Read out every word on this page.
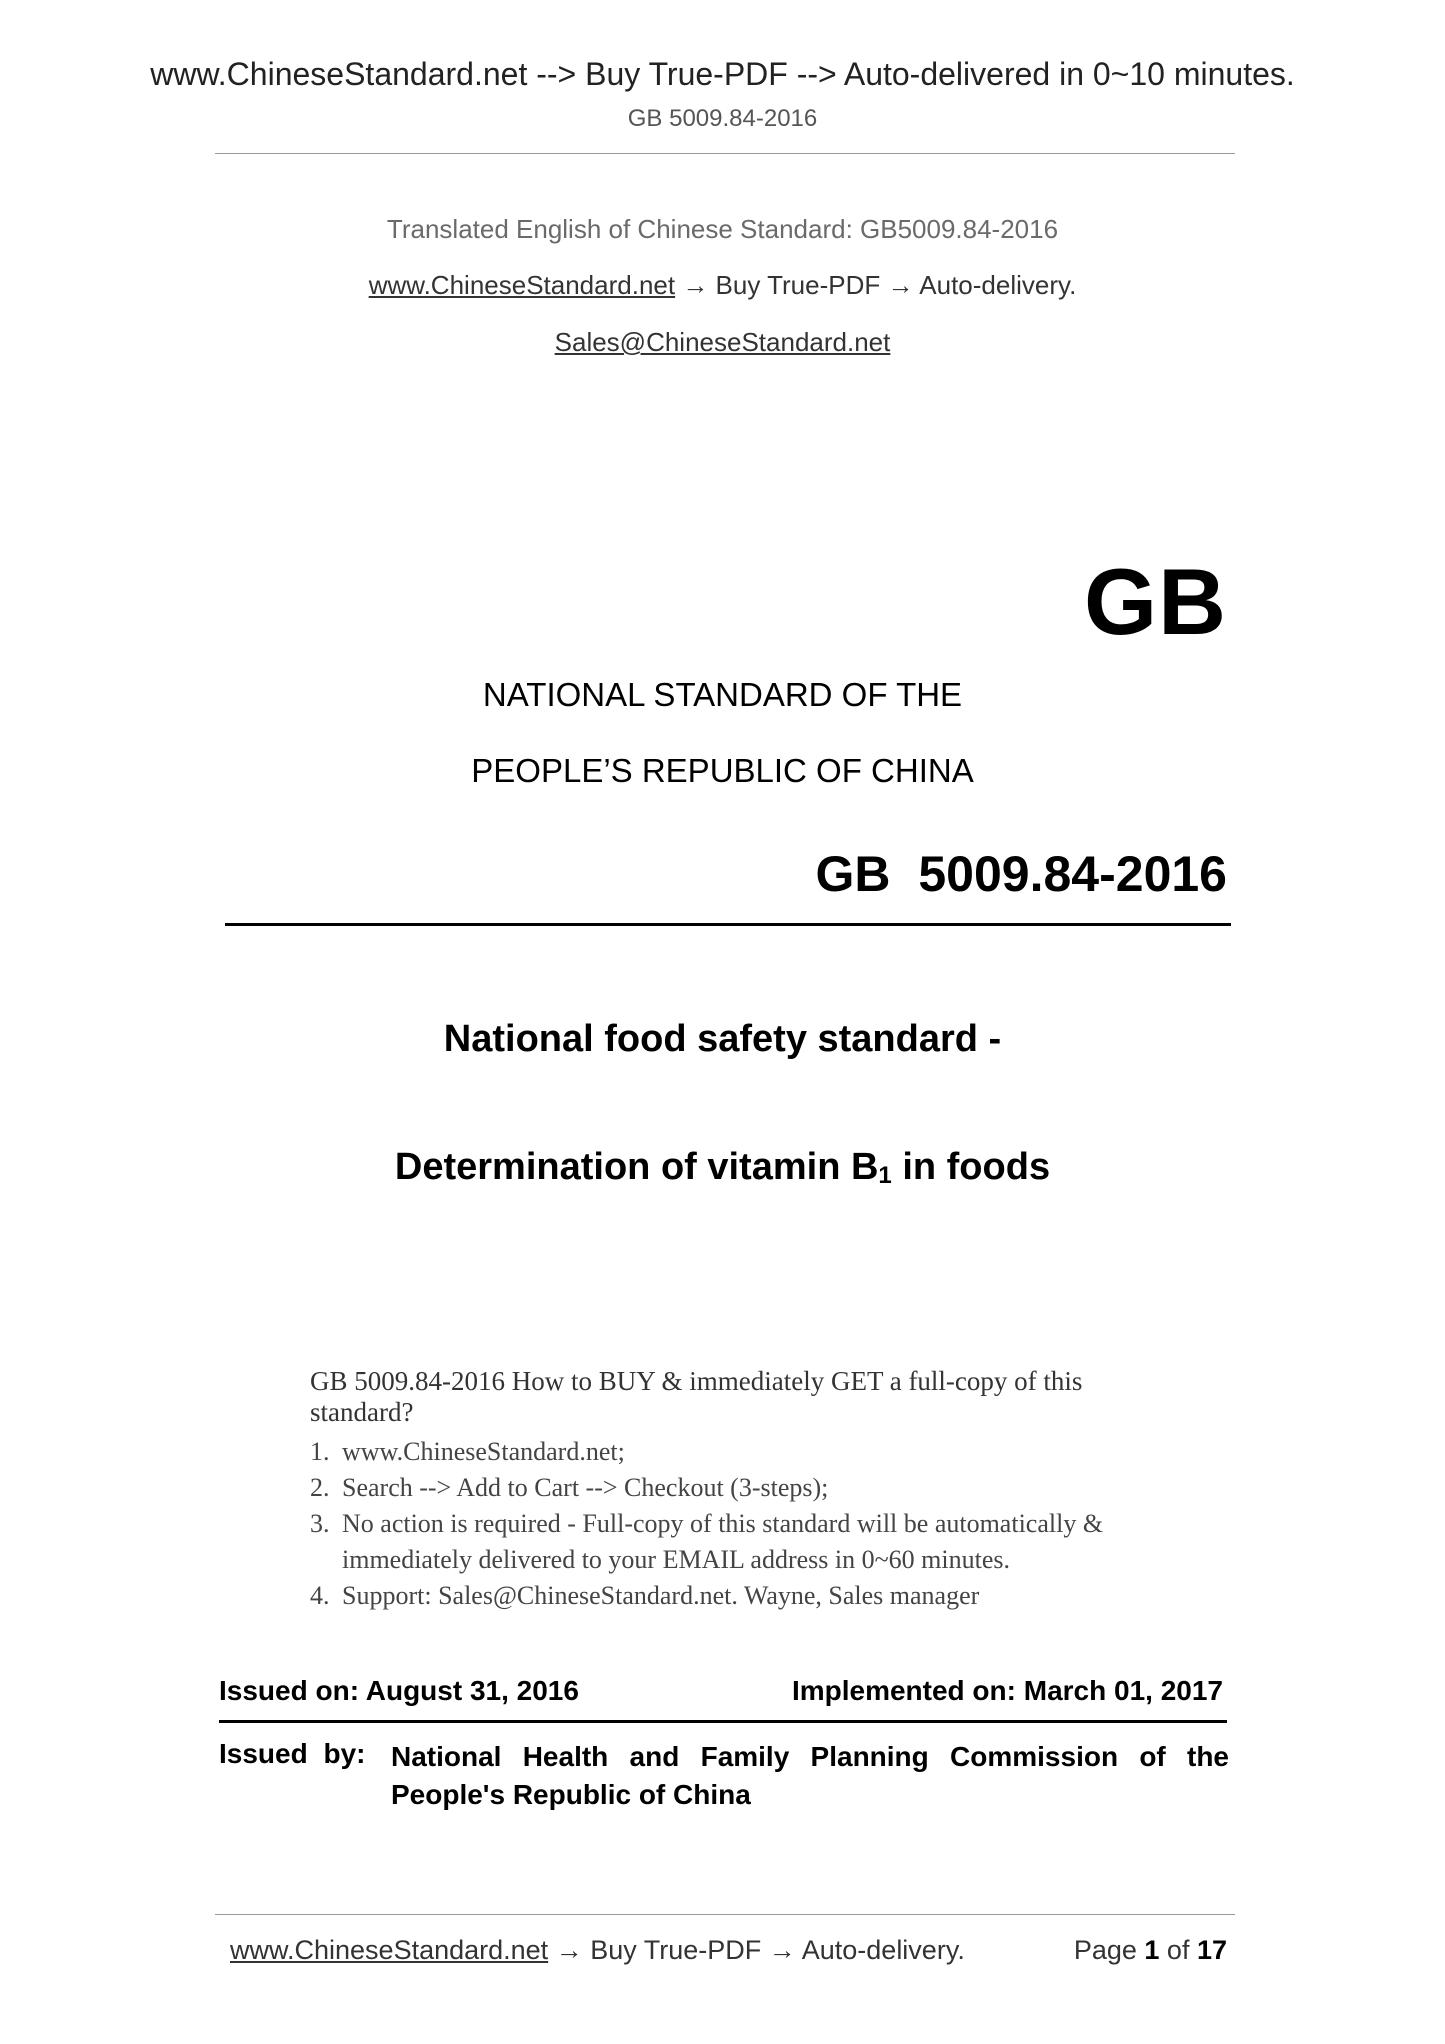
www.ChineseStandard.net --> Buy True-PDF --> Auto-delivered in 0~10 minutes.
GB 5009.84-2016
Translated English of Chinese Standard: GB5009.84-2016
www.ChineseStandard.net → Buy True-PDF → Auto-delivery.
Sales@ChineseStandard.net
GB
NATIONAL STANDARD OF THE
PEOPLE’S REPUBLIC OF CHINA
GB 5009.84-2016
National food safety standard -
Determination of vitamin $B_1$ in foods
GB 5009.84-2016 How to BUY & immediately GET a full-copy of this standard?
1. www.ChineseStandard.net;
2. Search --> Add to Cart --> Checkout (3-steps);
3. No action is required - Full-copy of this standard will be automatically & immediately delivered to your EMAIL address in 0~60 minutes.
4. Support: Sales@ChineseStandard.net. Wayne, Sales manager
Issued on: August 31, 2016	Implemented on: March 01, 2017
Issued by: National Health and Family Planning Commission of the
People's Republic of China
www.ChineseStandard.net → Buy True-PDF → Auto-delivery.	Page 1 of 17
